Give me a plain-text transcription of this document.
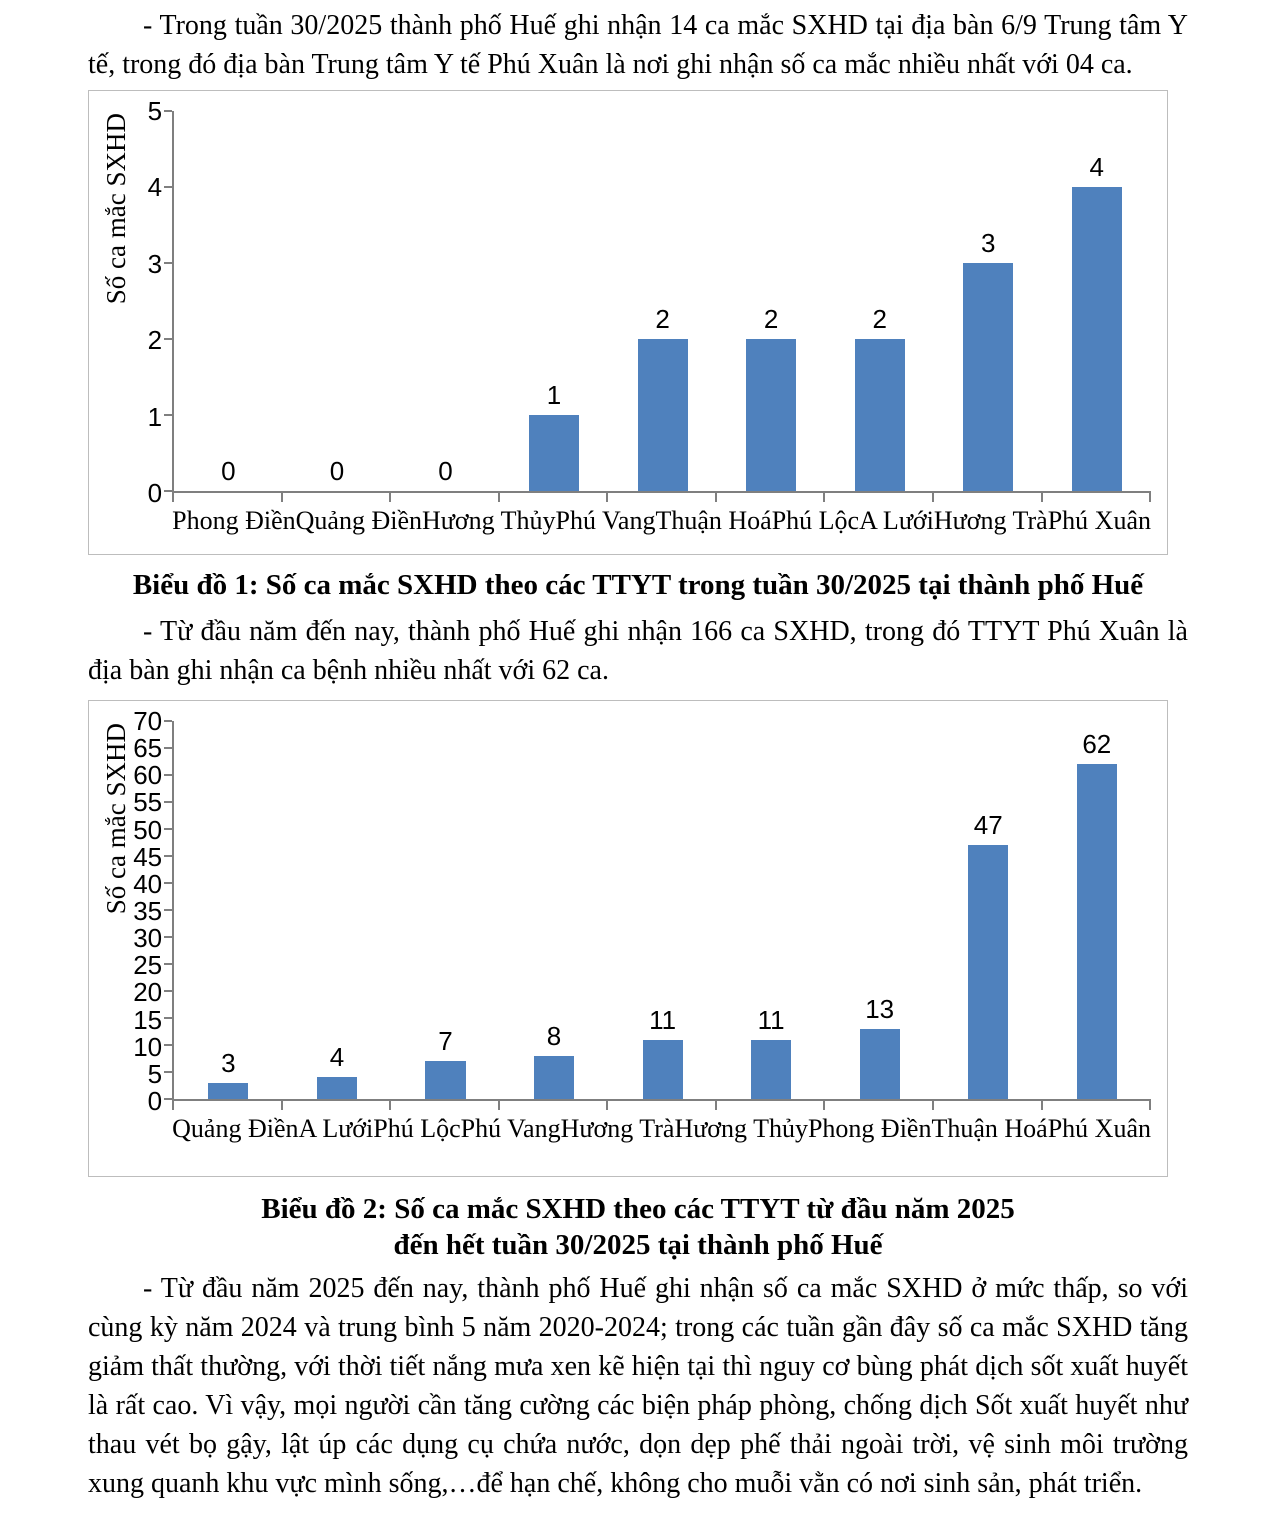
- Trong tuần 30/2025 thành phố Huế ghi nhận 14 ca mắc SXHD tại địa bàn 6/9 Trung tâm Y tế, trong đó địa bàn Trung tâm Y tế Phú Xuân là nơi ghi nhận số ca mắc nhiều nhất với 04 ca.

Số ca mắc SXHD
0
1
2
3
4
5
0	0	0
1
2	2	2
3
4
Phong Điền Quảng Điền Hương Thủy Phú Vang Thuận Hoá Phú Lộc A Lưới Hương Trà Phú Xuân

Biểu đồ 1: Số ca mắc SXHD theo các TTYT trong tuần 30/2025 tại thành phố Huế

- Từ đầu năm đến nay, thành phố Huế ghi nhận 166 ca SXHD, trong đó TTYT Phú Xuân là địa bàn ghi nhận ca bệnh nhiều nhất với 62 ca.

Số ca mắc SXHD
0
5
10
15
20
25
30
35
40
45
50
55
60
65
70
3	4
7	8
11	11	13
47
62
Quảng Điền A Lưới Phú Lộc Phú Vang Hương Trà Hương Thủy Phong Điền Thuận Hoá Phú Xuân

Biểu đồ 2: Số ca mắc SXHD theo các TTYT từ đầu năm 2025

đến hết tuần 30/2025 tại thành phố Huế

- Từ đầu năm 2025 đến nay, thành phố Huế ghi nhận số ca mắc SXHD ở mức thấp, so với cùng kỳ năm 2024 và trung bình 5 năm 2020-2024; trong các tuần gần đây số ca mắc SXHD tăng giảm thất thường, với thời tiết nắng mưa xen kẽ hiện tại thì nguy cơ bùng phát dịch sốt xuất huyết là rất cao. Vì vậy, mọi người cần tăng cường các biện pháp phòng, chống dịch Sốt xuất huyết như thau vét bọ gậy, lật úp các dụng cụ chứa nước, dọn dẹp phế thải ngoài trời, vệ sinh môi trường xung quanh khu vực mình sống,…để hạn chế, không cho muỗi vằn có nơi sinh sản, phát triển.
